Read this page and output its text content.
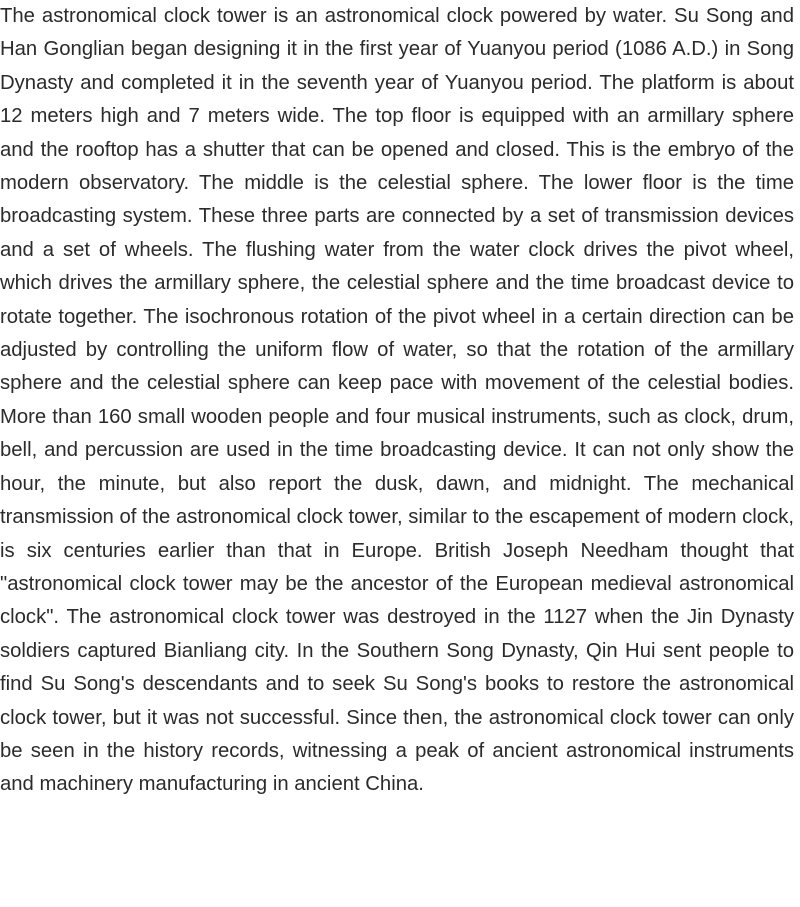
The astronomical clock tower is an astronomical clock powered by water. Su Song and Han Gonglian began designing it in the first year of Yuanyou period (1086 A.D.) in Song Dynasty and completed it in the seventh year of Yuanyou period. The platform is about 12 meters high and 7 meters wide. The top floor is equipped with an armillary sphere and the rooftop has a shutter that can be opened and closed. This is the embryo of the modern observatory. The middle is the celestial sphere. The lower floor is the time broadcasting system. These three parts are connected by a set of transmission devices and a set of wheels. The flushing water from the water clock drives the pivot wheel, which drives the armillary sphere, the celestial sphere and the time broadcast device to rotate together. The isochronous rotation of the pivot wheel in a certain direction can be adjusted by controlling the uniform flow of water, so that the rotation of the armillary sphere and the celestial sphere can keep pace with movement of the celestial bodies. More than 160 small wooden people and four musical instruments, such as clock, drum, bell, and percussion are used in the time broadcasting device. It can not only show the hour, the minute, but also report the dusk, dawn, and midnight. The mechanical transmission of the astronomical clock tower, similar to the escapement of modern clock, is six centuries earlier than that in Europe. British Joseph Needham thought that "astronomical clock tower may be the ancestor of the European medieval astronomical clock". The astronomical clock tower was destroyed in the 1127 when the Jin Dynasty soldiers captured Bianliang city. In the Southern Song Dynasty, Qin Hui sent people to find Su Song's descendants and to seek Su Song's books to restore the astronomical clock tower, but it was not successful. Since then, the astronomical clock tower can only be seen in the history records, witnessing a peak of ancient astronomical instruments and machinery manufacturing in ancient China.
